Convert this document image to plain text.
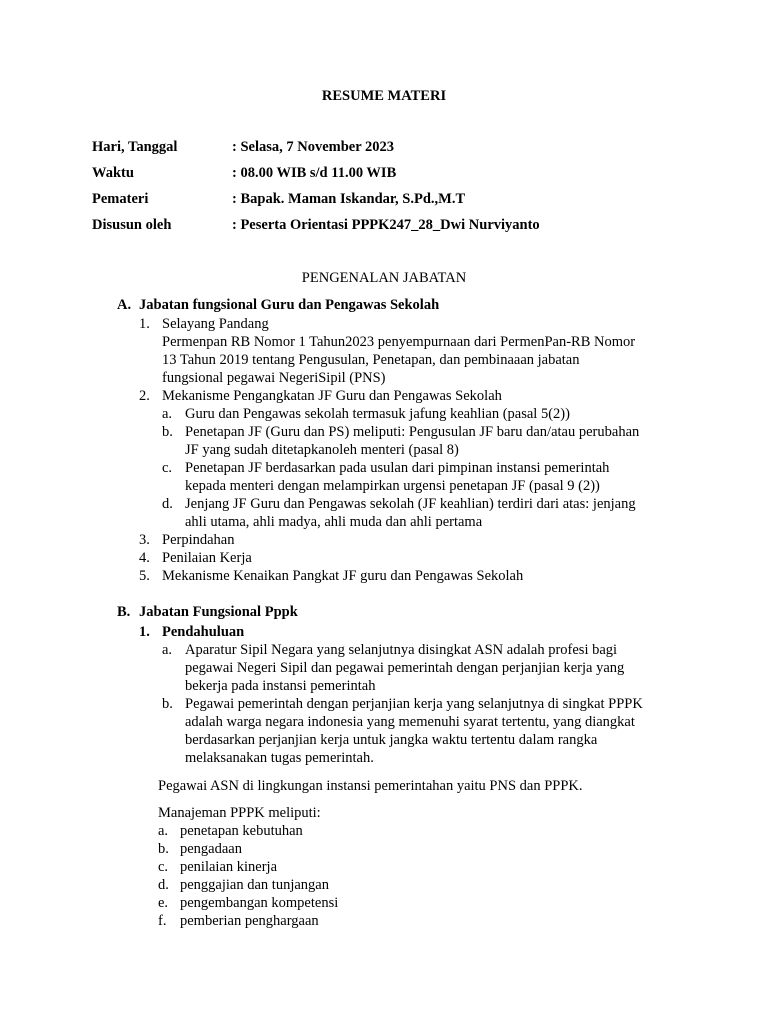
RESUME MATERI
Hari, Tanggal	: Selasa, 7 November 2023
Waktu	: 08.00 WIB s/d 11.00 WIB
Pemateri	: Bapak. Maman Iskandar, S.Pd.,M.T
Disusun oleh	: Peserta Orientasi PPPK247_28_Dwi Nurviyanto
PENGENALAN JABATAN
A. Jabatan fungsional Guru dan Pengawas Sekolah
1. Selayang Pandang
Permenpan RB Nomor 1 Tahun2023 penyempurnaan dari PermenPan-RB Nomor
13 Tahun 2019 tentang Pengusulan, Penetapan, dan pembinaaan jabatan
fungsional pegawai NegeriSipil (PNS)
2. Mekanisme Pengangkatan JF Guru dan Pengawas Sekolah
a. Guru dan Pengawas sekolah termasuk jafung keahlian (pasal 5(2))
b. Penetapan JF (Guru dan PS) meliputi: Pengusulan JF baru dan/atau perubahan
JF yang sudah ditetapkanoleh menteri (pasal 8)
c. Penetapan JF berdasarkan pada usulan dari pimpinan instansi pemerintah
kepada menteri dengan melampirkan urgensi penetapan JF (pasal 9 (2))
d. Jenjang JF Guru dan Pengawas sekolah (JF keahlian) terdiri dari atas: jenjang
ahli utama, ahli madya, ahli muda dan ahli pertama
3. Perpindahan
4. Penilaian Kerja
5. Mekanisme Kenaikan Pangkat JF guru dan Pengawas Sekolah
B. Jabatan Fungsional Pppk
1. Pendahuluan
a. Aparatur Sipil Negara yang selanjutnya disingkat ASN adalah profesi bagi
pegawai Negeri Sipil dan pegawai pemerintah dengan perjanjian kerja yang
bekerja pada instansi pemerintah
b. Pegawai pemerintah dengan perjanjian kerja yang selanjutnya di singkat PPPK
adalah warga negara indonesia yang memenuhi syarat tertentu, yang diangkat
berdasarkan perjanjian kerja untuk jangka waktu tertentu dalam rangka
melaksanakan tugas pemerintah.
Pegawai ASN di lingkungan instansi pemerintahan yaitu PNS dan PPPK.
Manajeman PPPK meliputi:
a. penetapan kebutuhan
b. pengadaan
c. penilaian kinerja
d. penggajian dan tunjangan
e. pengembangan kompetensi
f. pemberian penghargaan
